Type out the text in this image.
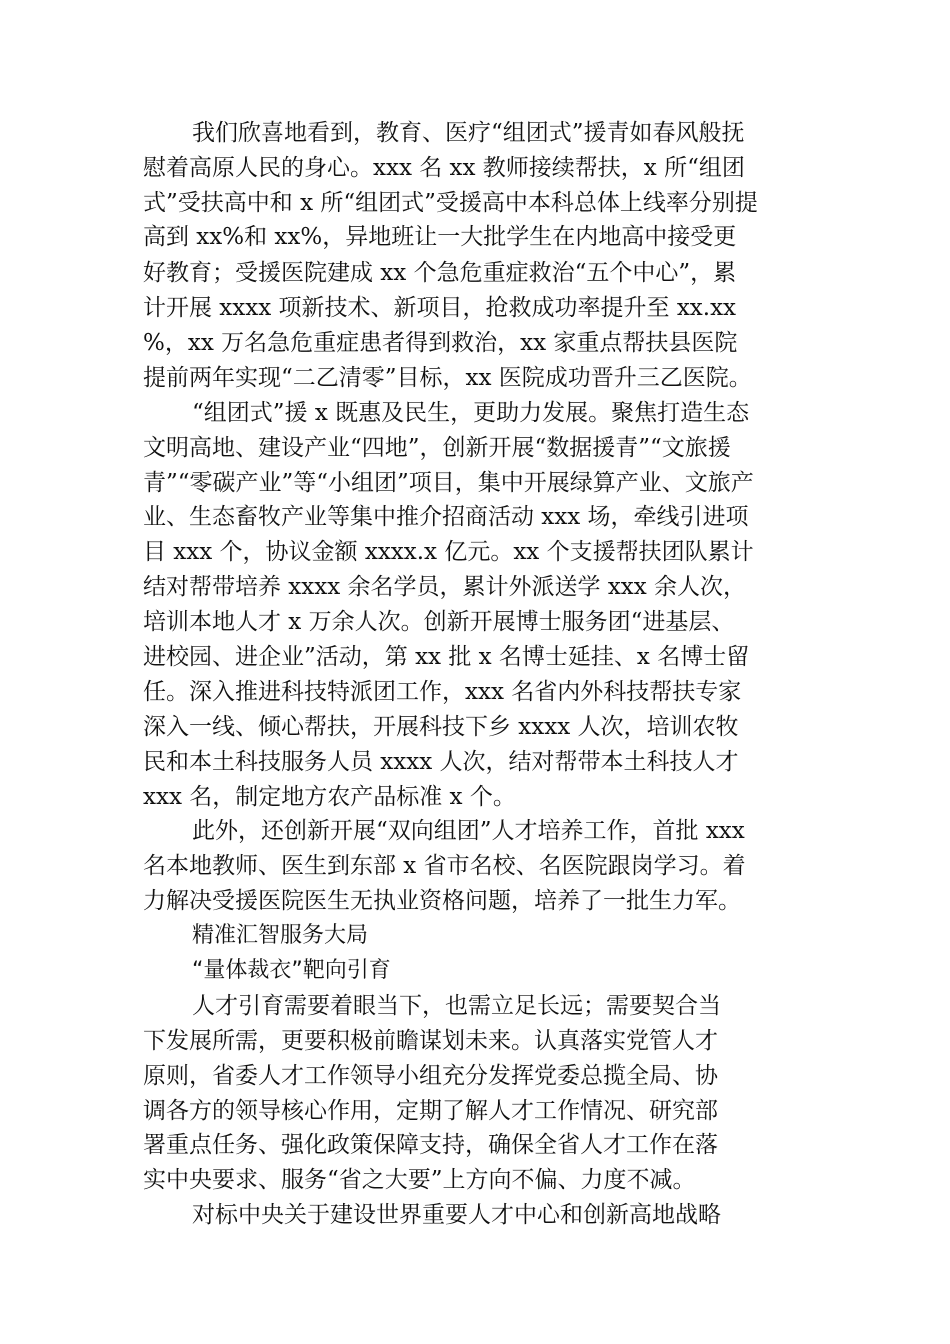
我们欣喜地看到，教育、医疗“组团式”援青如春风般抚
慰着高原人民的身心。xxx 名 xx 教师接续帮扶，x 所“组团
式”受扶高中和 x 所“组团式”受援高中本科总体上线率分别提
高到 xx%和 xx%，异地班让一大批学生在内地高中接受更
好教育；受援医院建成 xx 个急危重症救治“五个中心”，累
计开展 xxxx 项新技术、新项目，抢救成功率提升至 xx.xx
%，xx 万名急危重症患者得到救治，xx 家重点帮扶县医院
提前两年实现“二乙清零”目标，xx 医院成功晋升三乙医院。
“组团式”援 x 既惠及民生，更助力发展。聚焦打造生态
文明高地、建设产业“四地”，创新开展“数据援青”“文旅援
青”“零碳产业”等“小组团”项目，集中开展绿算产业、文旅产
业、生态畜牧产业等集中推介招商活动 xxx 场，牵线引进项
目 xxx 个，协议金额 xxxx.x 亿元。xx 个支援帮扶团队累计
结对帮带培养 xxxx 余名学员，累计外派送学 xxx 余人次，
培训本地人才 x 万余人次。创新开展博士服务团“进基层、
进校园、进企业”活动，第 xx 批 x 名博士延挂、x 名博士留
任。深入推进科技特派团工作，xxx 名省内外科技帮扶专家
深入一线、倾心帮扶，开展科技下乡 xxxx 人次，培训农牧
民和本土科技服务人员 xxxx 人次，结对帮带本土科技人才
xxx 名，制定地方农产品标准 x 个。
此外，还创新开展“双向组团”人才培养工作，首批 xxx
名本地教师、医生到东部 x 省市名校、名医院跟岗学习。着
力解决受援医院医生无执业资格问题，培养了一批生力军。
精准汇智服务大局
“量体裁衣”靶向引育
人才引育需要着眼当下，也需立足长远；需要契合当
下发展所需，更要积极前瞻谋划未来。认真落实党管人才
原则，省委人才工作领导小组充分发挥党委总揽全局、协
调各方的领导核心作用，定期了解人才工作情况、研究部
署重点任务、强化政策保障支持，确保全省人才工作在落
实中央要求、服务“省之大要”上方向不偏、力度不减。
对标中央关于建设世界重要人才中心和创新高地战略
